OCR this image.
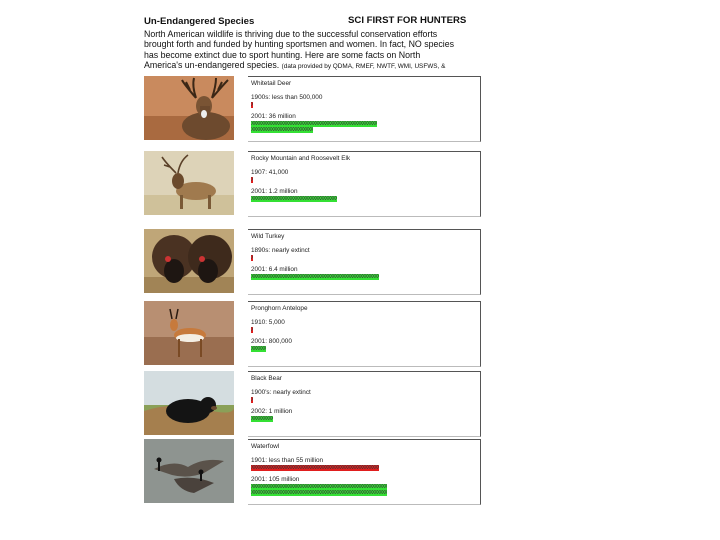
Un-Endangered Species	SCI FIRST FOR HUNTERS
North American wildlife is thriving due to the successful conservation efforts brought forth and funded by hunting sportsmen and women. In fact, NO species has become extinct due to sport hunting. Here are some facts on North America's un-endangered species. (data provided by QDMA, RMEF, NWTF, WMI, USFWS, &
Whitetail Deer
1900s: less than 500,000
X
2001: 36 million
XXXXXXXXXXXXXXXXXXXXXXXXXXXXXXXXXXXXXXXXXXXXXXXXXXX
XXXXXXXXXXXXXXXXXXXXXXXXX
Rocky Mountain and Roosevelt Elk
1907: 41,000
X
2001: 1.2 million
XXXXXXXXXXXXXXXXXXXXXXXXXXXXXXXXXXX
Wild Turkey
1890s: nearly extinct
X
2001: 6.4 million
XXXXXXXXXXXXXXXXXXXXXXXXXXXXXXXXXXXXXXXXXXXXXXXXXXXX
Pronghorn Antelope
1910: 5,000
X
2001: 800,000
XXXXXX
Black Bear
1900's: nearly extinct
X
2002: 1 million
XXXXXXXXX
Waterfowl
1901: less than 55 million
XXXXXXXXXXXXXXXXXXXXXXXXXXXXXXXXXXXXXXXXXXXXXXXXXXXX
2001: 105 million
XXXXXXXXXXXXXXXXXXXXXXXXXXXXXXXXXXXXXXXXXXXXXXXXXXXXXXX
XXXXXXXXXXXXXXXXXXXXXXXXXXXXXXXXXXXXXXXXXXXXXXXXXXXXXXX
